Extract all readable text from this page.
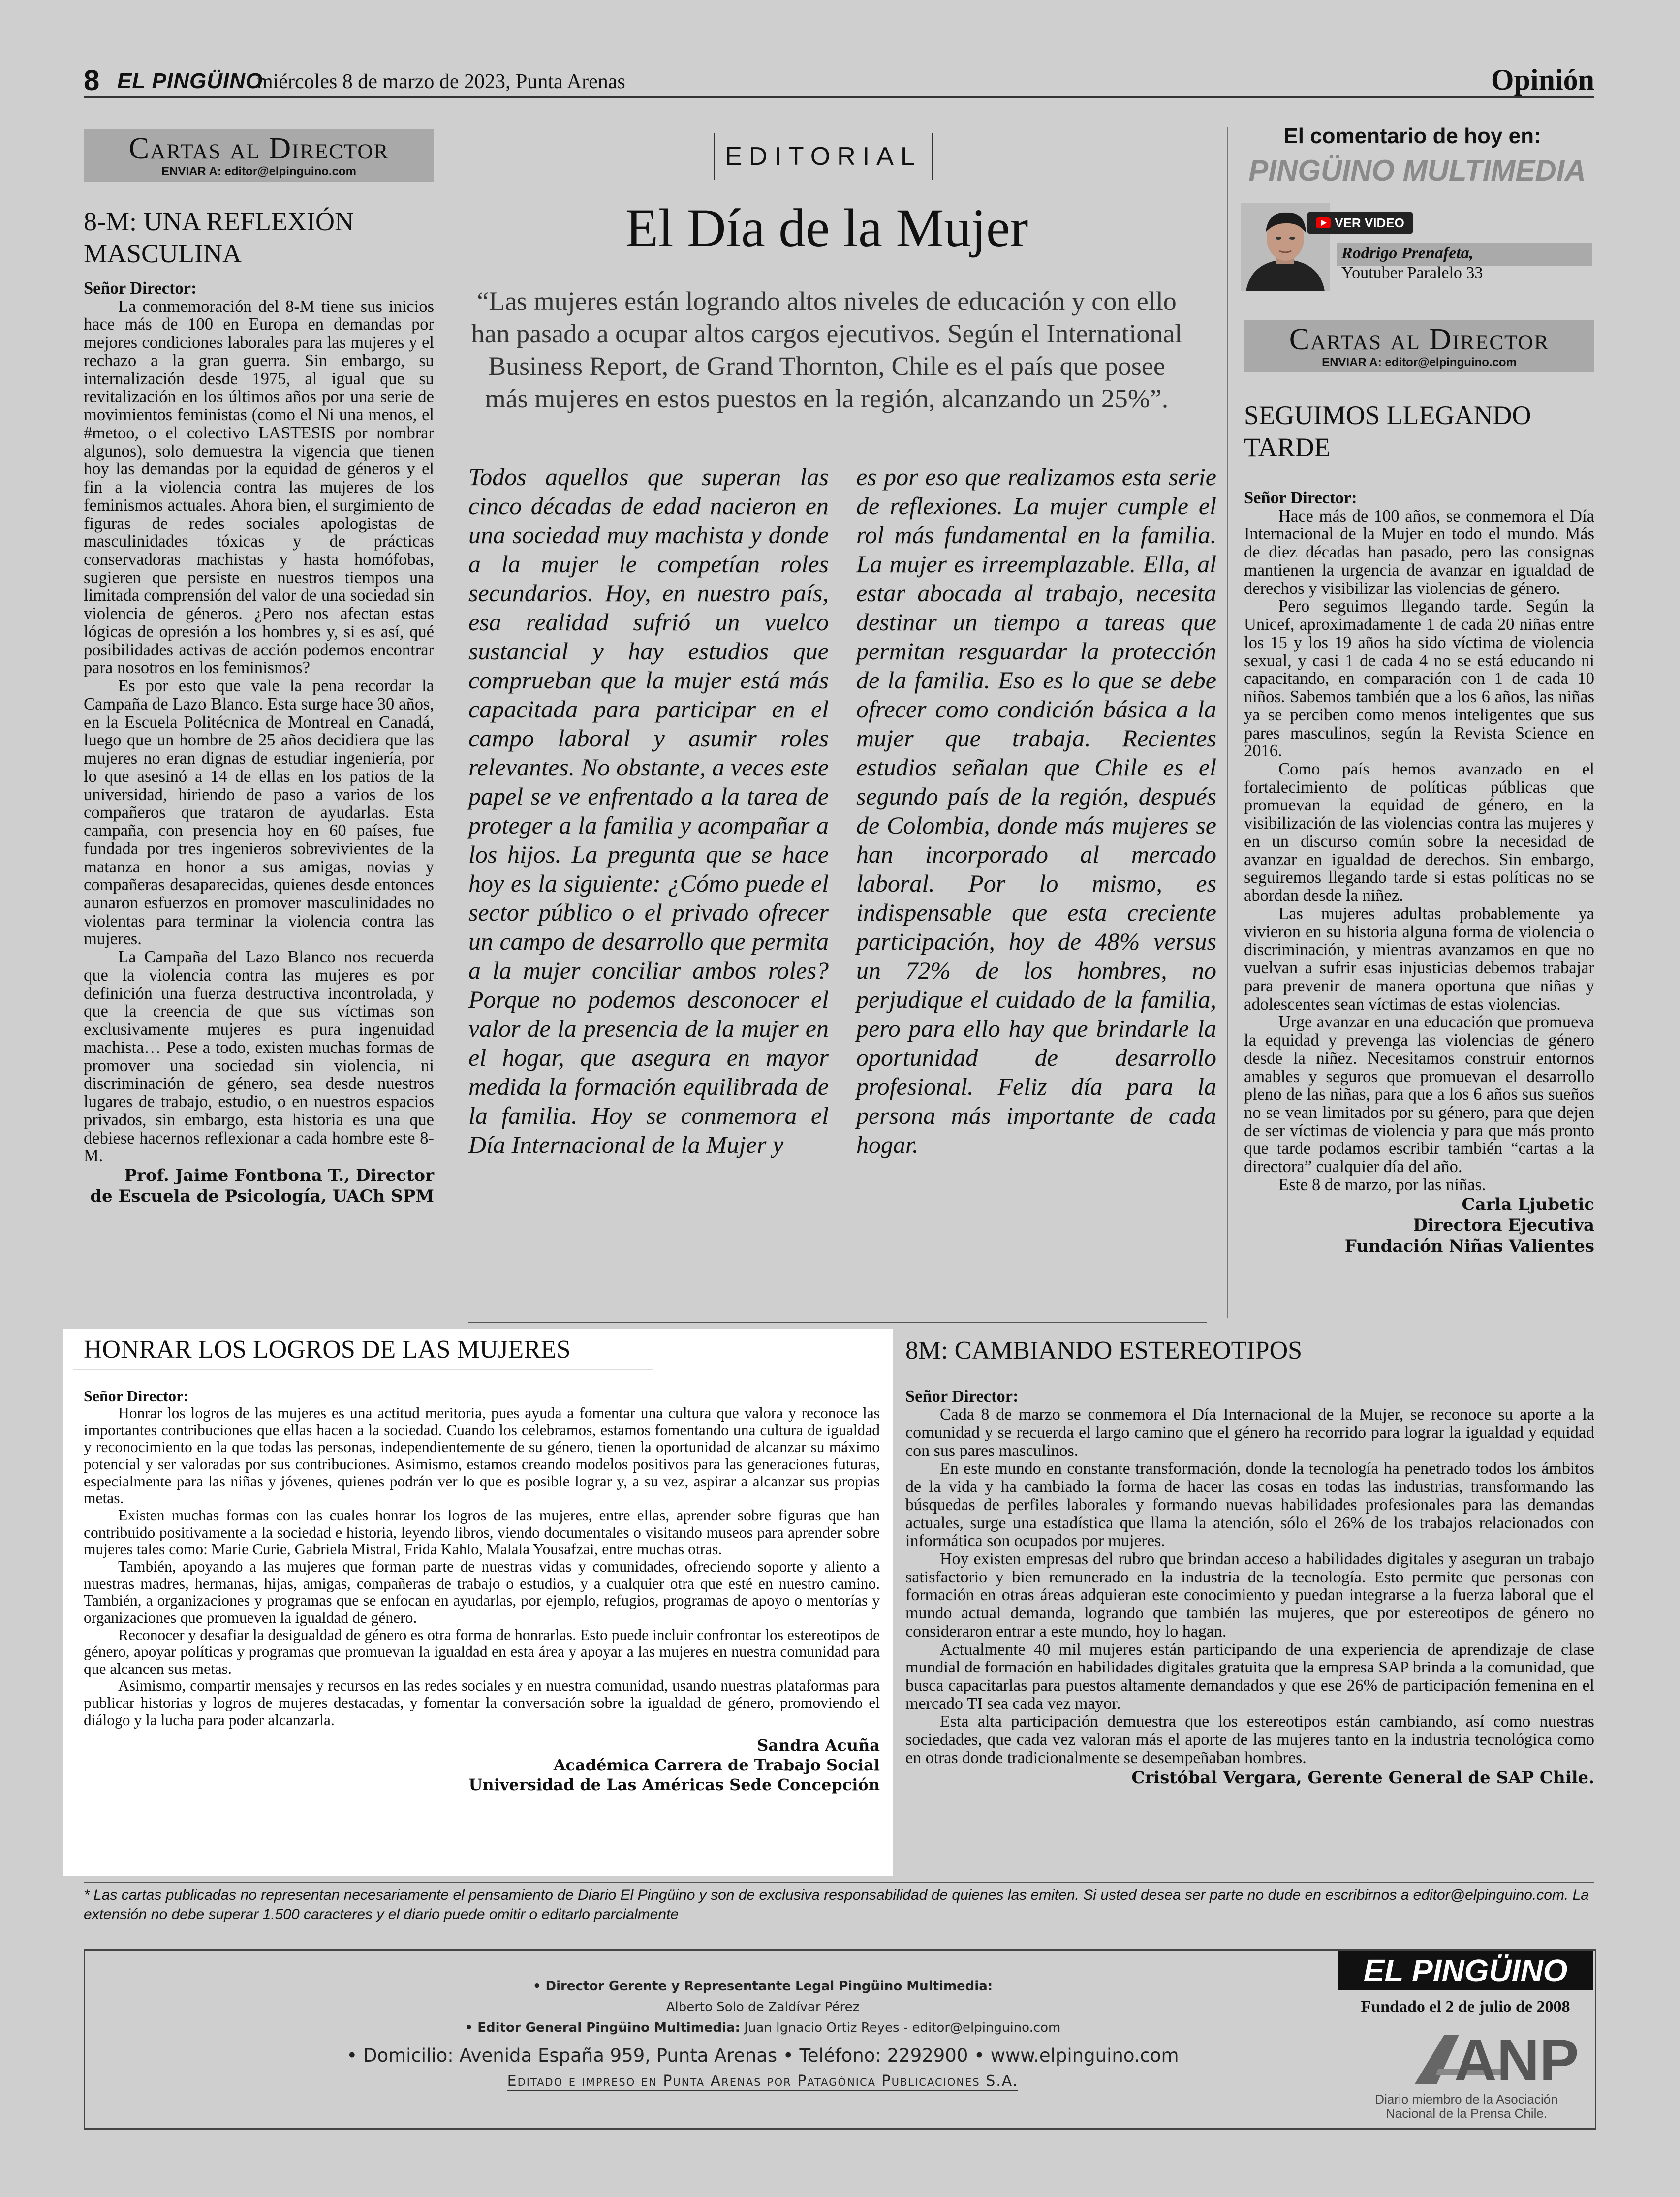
8 EL PINGÜINO
miércoles 8 de marzo de 2023, Punta Arenas	Opinión
Cartas al Director
ENVIAR A: editor@elpinguino.com
8-M: UNA REFLEXIÓN
MASCULINA
Señor Director:

La conmemoración del 8-M tiene sus inicios hace más de 100 en Europa en demandas por mejores condiciones laborales para las mujeres y el rechazo a la gran guerra. Sin embargo, su internalización desde 1975, al igual que su revitalización en los últimos años por una serie de movimientos feministas (como el Ni una menos, el #metoo, o el colectivo LASTESIS por nombrar algunos), solo demuestra la vigencia que tienen hoy las demandas por la equidad de géneros y el fin a la violencia contra las mujeres de los feminismos actuales. Ahora bien, el surgimiento de figuras de redes sociales apologistas de masculinidades tóxicas y de prácticas conservadoras machistas y hasta homófobas, sugieren que persiste en nuestros tiempos una limitada comprensión del valor de una sociedad sin violencia de géneros. ¿Pero nos afectan estas lógicas de opresión a los hombres y, si es así, qué posibilidades activas de acción podemos encontrar para nosotros en los feminismos?

Es por esto que vale la pena recordar la Campaña de Lazo Blanco. Esta surge hace 30 años, en la Escuela Politécnica de Montreal en Canadá, luego que un hombre de 25 años decidiera que las mujeres no eran dignas de estudiar ingeniería, por lo que asesinó a 14 de ellas en los patios de la universidad, hiriendo de paso a varios de los compañeros que trataron de ayudarlas. Esta campaña, con presencia hoy en 60 países, fue fundada por tres ingenieros sobrevivientes de la matanza en honor a sus amigas, novias y compañeras desaparecidas, quienes desde entonces aunaron esfuerzos en promover masculinidades no violentas para terminar la violencia contra las mujeres.

La Campaña del Lazo Blanco nos recuerda que la violencia contra las mujeres es por definición una fuerza destructiva incontrolada, y que la creencia de que sus víctimas son exclusivamente mujeres es pura ingenuidad machista… Pese a todo, existen muchas formas de promover una sociedad sin violencia, ni discriminación de género, sea desde nuestros lugares de trabajo, estudio, o en nuestros espacios privados, sin embargo, esta historia es una que debiese hacernos reflexionar a cada hombre este 8-M.

Prof. Jaime Fontbona T., Director
de Escuela de Psicología, UACh SPM
EDITORIAL
El Día de la Mujer
“Las mujeres están logrando altos niveles de educación y con ello han pasado a ocupar altos cargos ejecutivos. Según el International Business Report, de Grand Thornton, Chile es el país que posee más mujeres en estos puestos en la región, alcanzando un 25%”.
Todos aquellos que superan las cinco décadas de edad nacieron en una sociedad muy machista y donde a la mujer le competían roles secundarios. Hoy, en nuestro país, esa realidad sufrió un vuelco sustancial y hay estudios que comprueban que la mujer está más capacitada para participar en el campo laboral y asumir roles relevantes. No obstante, a veces este papel se ve enfrentado a la tarea de proteger a la familia y acompañar a los hijos. La pregunta que se hace hoy es la siguiente: ¿Cómo puede el sector público o el privado ofrecer un campo de desarrollo que permita a la mujer conciliar ambos roles? Porque no podemos desconocer el valor de la presencia de la mujer en el hogar, que asegura en mayor medida la formación equilibrada de la familia. Hoy se conmemora el Día Internacional de la Mujer y
es por eso que realizamos esta serie de reflexiones. La mujer cumple el rol más fundamental en la familia. La mujer es irreemplazable. Ella, al estar abocada al trabajo, necesita destinar un tiempo a tareas que permitan resguardar la protección de la familia. Eso es lo que se debe ofrecer como condición básica a la mujer que trabaja. Recientes estudios señalan que Chile es el segundo país de la región, después de Colombia, donde más mujeres se han incorporado al mercado laboral. Por lo mismo, es indispensable que esta creciente participación, hoy de 48% versus un 72% de los hombres, no perjudique el cuidado de la familia, pero para ello hay que brindarle la oportunidad de desarrollo profesional. Feliz día para la persona más importante de cada hogar.
El comentario de hoy en:
PINGÜINO MULTIMEDIA
VER VIDEO
Rodrigo Prenafeta,
Youtuber Paralelo 33
Cartas al Director
ENVIAR A: editor@elpinguino.com
SEGUIMOS LLEGANDO
TARDE
Señor Director:

Hace más de 100 años, se conmemora el Día Internacional de la Mujer en todo el mundo. Más de diez décadas han pasado, pero las consignas mantienen la urgencia de avanzar en igualdad de derechos y visibilizar las violencias de género.

Pero seguimos llegando tarde. Según la Unicef, aproximadamente 1 de cada 20 niñas entre los 15 y los 19 años ha sido víctima de violencia sexual, y casi 1 de cada 4 no se está educando ni capacitando, en comparación con 1 de cada 10 niños. Sabemos también que a los 6 años, las niñas ya se perciben como menos inteligentes que sus pares masculinos, según la Revista Science en 2016.

Como país hemos avanzado en el fortalecimiento de políticas públicas que promuevan la equidad de género, en la visibilización de las violencias contra las mujeres y en un discurso común sobre la necesidad de avanzar en igualdad de derechos. Sin embargo, seguiremos llegando tarde si estas políticas no se abordan desde la niñez.

Las mujeres adultas probablemente ya vivieron en su historia alguna forma de violencia o discriminación, y mientras avanzamos en que no vuelvan a sufrir esas injusticias debemos trabajar para prevenir de manera oportuna que niñas y adolescentes sean víctimas de estas violencias.

Urge avanzar en una educación que promueva la equidad y prevenga las violencias de género desde la niñez. Necesitamos construir entornos amables y seguros que promuevan el desarrollo pleno de las niñas, para que a los 6 años sus sueños no se vean limitados por su género, para que dejen de ser víctimas de violencia y para que más pronto que tarde podamos escribir también “cartas a la directora” cualquier día del año.

Este 8 de marzo, por las niñas.

Carla Ljubetic
Directora Ejecutiva
Fundación Niñas Valientes
HONRAR LOS LOGROS DE LAS MUJERES
Señor Director:

Honrar los logros de las mujeres es una actitud meritoria, pues ayuda a fomentar una cultura que valora y reconoce las importantes contribuciones que ellas hacen a la sociedad. Cuando los celebramos, estamos fomentando una cultura de igualdad y reconocimiento en la que todas las personas, independientemente de su género, tienen la oportunidad de alcanzar su máximo potencial y ser valoradas por sus contribuciones. Asimismo, estamos creando modelos positivos para las generaciones futuras, especialmente para las niñas y jóvenes, quienes podrán ver lo que es posible lograr y, a su vez, aspirar a alcanzar sus propias metas.

Existen muchas formas con las cuales honrar los logros de las mujeres, entre ellas, aprender sobre figuras que han contribuido positivamente a la sociedad e historia, leyendo libros, viendo documentales o visitando museos para aprender sobre mujeres tales como: Marie Curie, Gabriela Mistral, Frida Kahlo, Malala Yousafzai, entre muchas otras.

También, apoyando a las mujeres que forman parte de nuestras vidas y comunidades, ofreciendo soporte y aliento a nuestras madres, hermanas, hijas, amigas, compañeras de trabajo o estudios, y a cualquier otra que esté en nuestro camino. También, a organizaciones y programas que se enfocan en ayudarlas, por ejemplo, refugios, programas de apoyo o mentorías y organizaciones que promueven la igualdad de género.

Reconocer y desafiar la desigualdad de género es otra forma de honrarlas. Esto puede incluir confrontar los estereotipos de género, apoyar políticas y programas que promuevan la igualdad en esta área y apoyar a las mujeres en nuestra comunidad para que alcancen sus metas.

Asimismo, compartir mensajes y recursos en las redes sociales y en nuestra comunidad, usando nuestras plataformas para publicar historias y logros de mujeres destacadas, y fomentar la conversación sobre la igualdad de género, promoviendo el diálogo y la lucha para poder alcanzarla.

Sandra Acuña
Académica Carrera de Trabajo Social
Universidad de Las Américas Sede Concepción
8M: CAMBIANDO ESTEREOTIPOS
Señor Director:

Cada 8 de marzo se conmemora el Día Internacional de la Mujer, se reconoce su aporte a la comunidad y se recuerda el largo camino que el género ha recorrido para lograr la igualdad y equidad con sus pares masculinos.

En este mundo en constante transformación, donde la tecnología ha penetrado todos los ámbitos de la vida y ha cambiado la forma de hacer las cosas en todas las industrias, transformando las búsquedas de perfiles laborales y formando nuevas habilidades profesionales para las demandas actuales, surge una estadística que llama la atención, sólo el 26% de los trabajos relacionados con informática son ocupados por mujeres.

Hoy existen empresas del rubro que brindan acceso a habilidades digitales y aseguran un trabajo satisfactorio y bien remunerado en la industria de la tecnología. Esto permite que personas con formación en otras áreas adquieran este conocimiento y puedan integrarse a la fuerza laboral que el mundo actual demanda, logrando que también las mujeres, que por estereotipos de género no consideraron entrar a este mundo, hoy lo hagan.

Actualmente 40 mil mujeres están participando de una experiencia de aprendizaje de clase mundial de formación en habilidades digitales gratuita que la empresa SAP brinda a la comunidad, que busca capacitarlas para puestos altamente demandados y que ese 26% de participación femenina en el mercado TI sea cada vez mayor.

Esta alta participación demuestra que los estereotipos están cambiando, así como nuestras sociedades, que cada vez valoran más el aporte de las mujeres tanto en la industria tecnológica como en otras donde tradicionalmente se desempeñaban hombres.

Cristóbal Vergara, Gerente General de SAP Chile.
* Las cartas publicadas no representan necesariamente el pensamiento de Diario El Pingüino y son de exclusiva responsabilidad de quienes las emiten. Si usted desea ser parte no dude en escribirnos a editor@elpinguino.com. La extensión no debe superar 1.500 caracteres y el diario puede omitir o editarlo parcialmente
• Director Gerente y Representante Legal Pingüino Multimedia:
Alberto Solo de Zaldívar Pérez
• Editor General Pingüino Multimedia: Juan Ignacio Ortiz Reyes - editor@elpinguino.com
• Domicilio: Avenida España 959, Punta Arenas • Teléfono: 2292900 • www.elpinguino.com
Editado e impreso en Punta Arenas por Patagónica Publicaciones S.A.
EL PINGÜINO
Fundado el 2 de julio de 2008
ANP
Diario miembro de la Asociación
Nacional de la Prensa Chile.
